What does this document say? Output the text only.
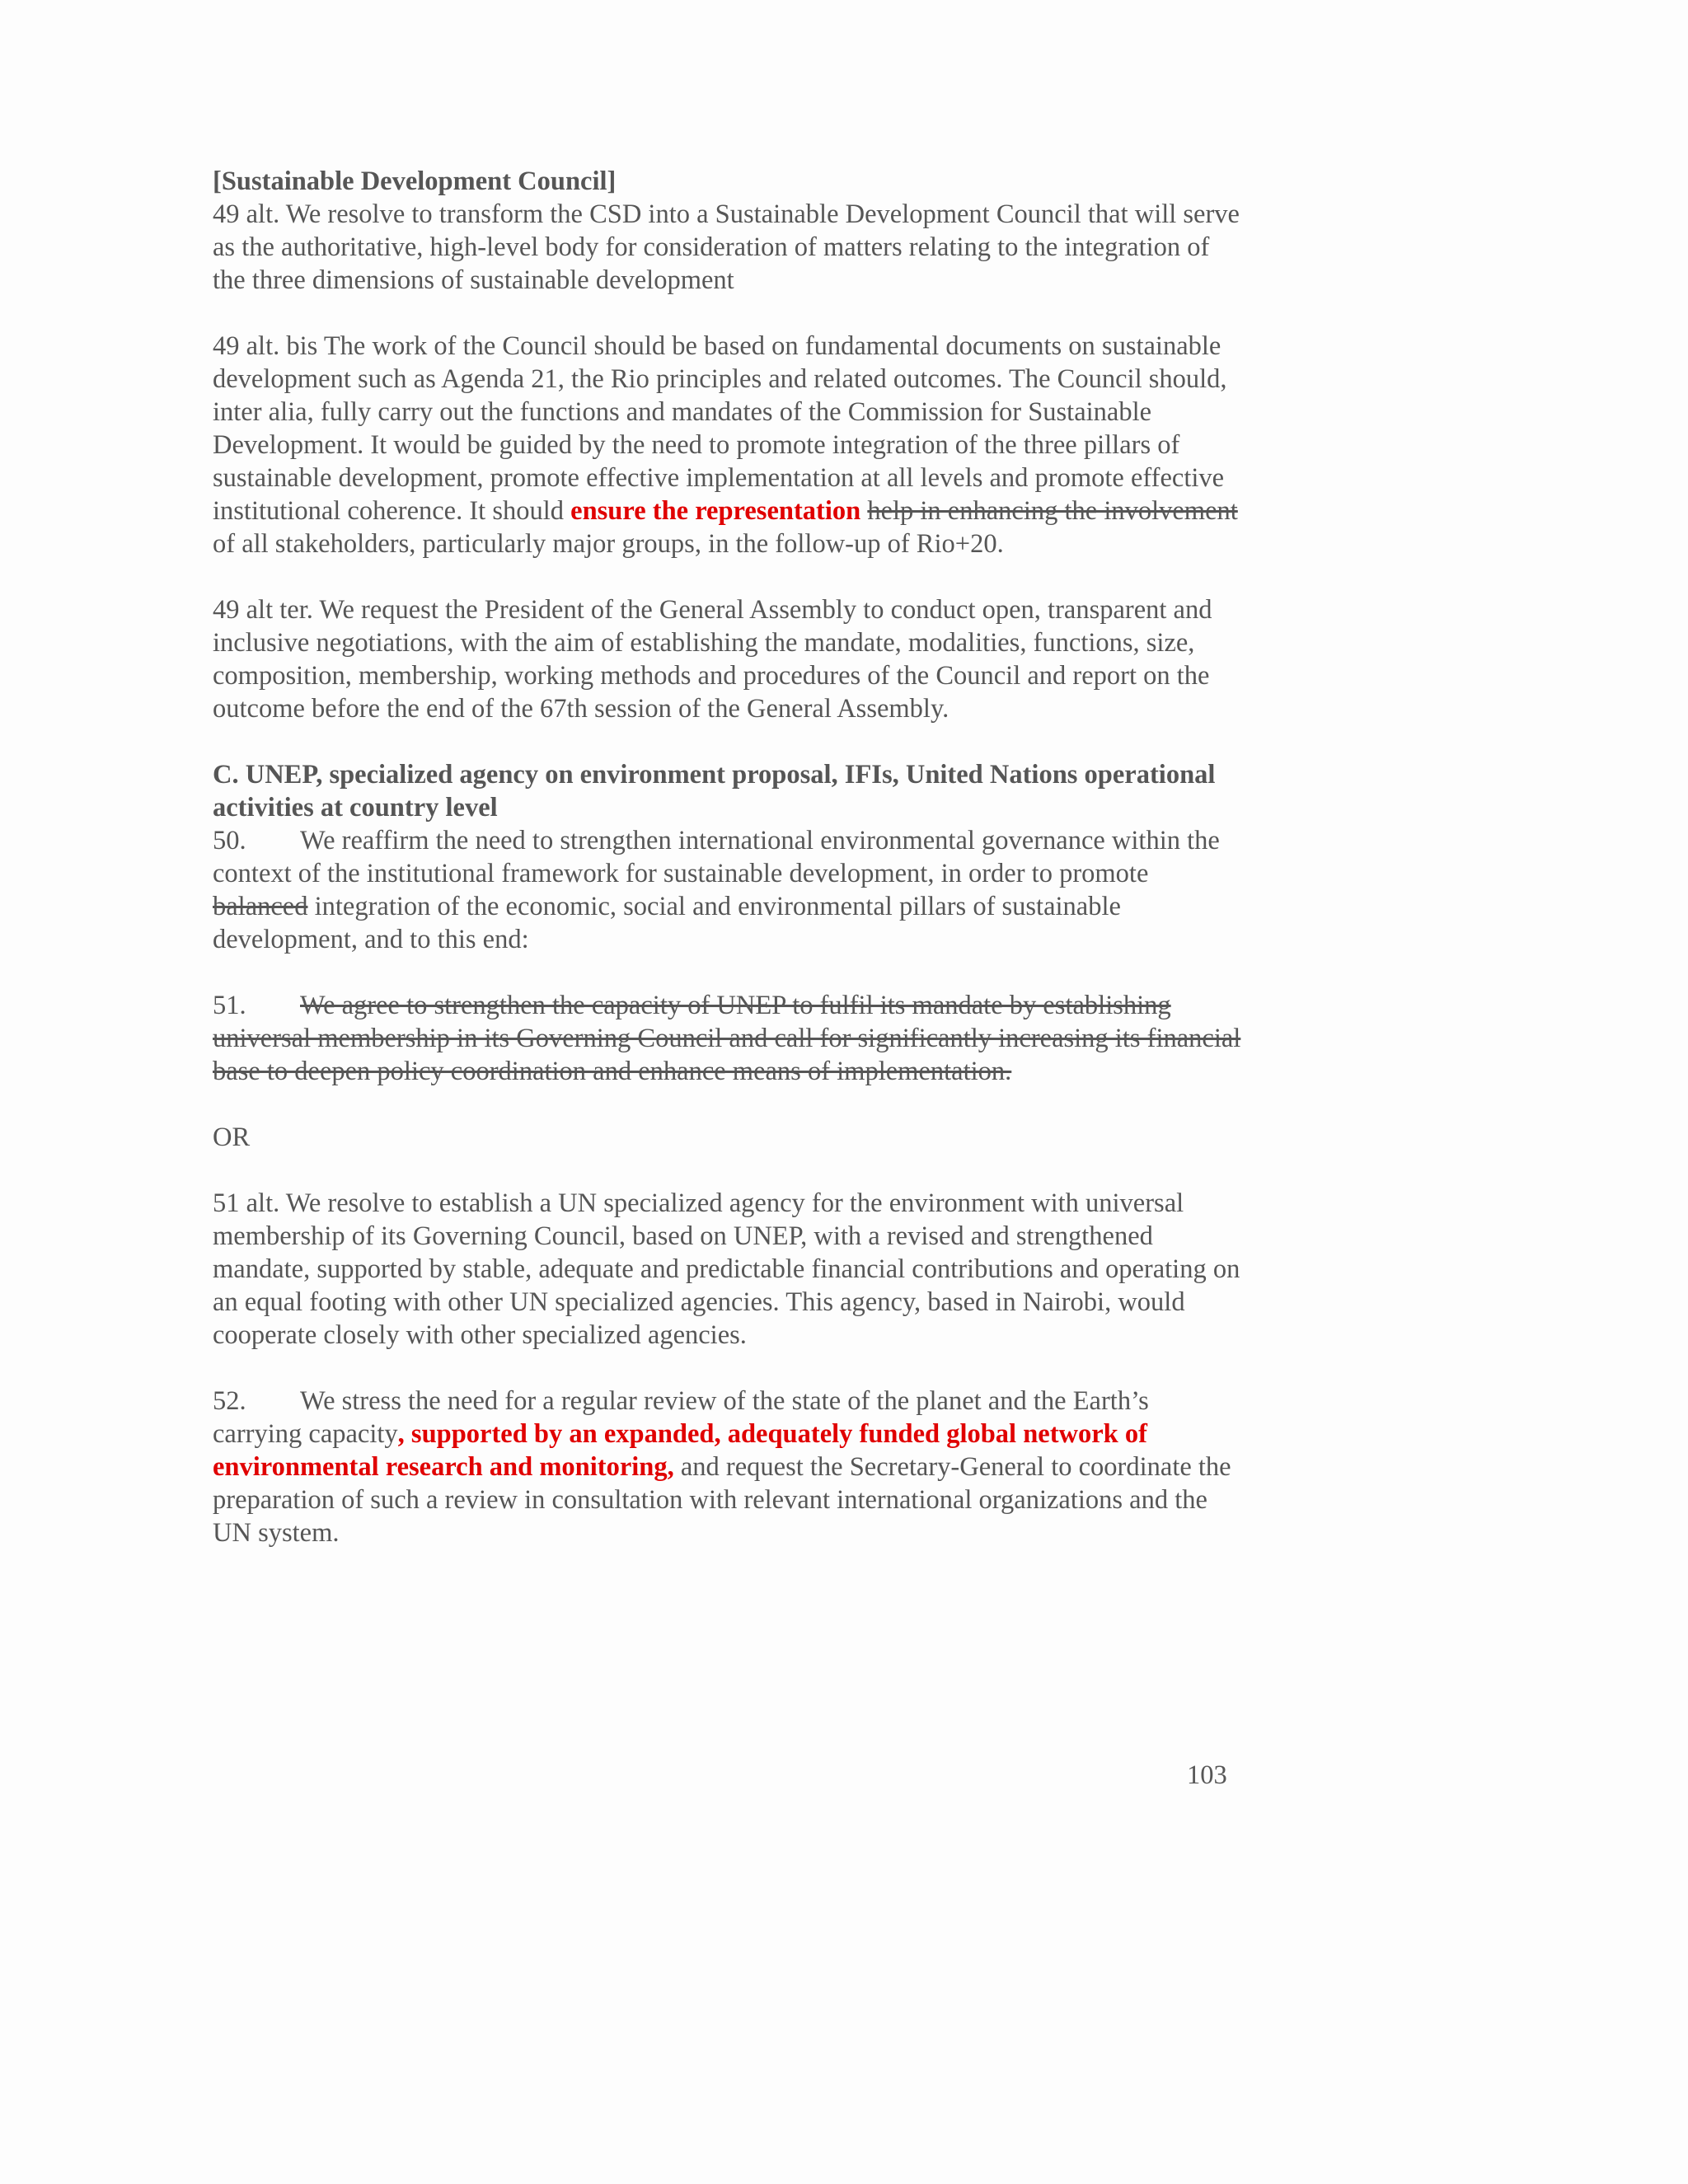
[Sustainable Development Council]

49 alt. We resolve to transform the CSD into a Sustainable Development Council that will serve as the authoritative, high-level body for consideration of matters relating to the integration of the three dimensions of sustainable development

49 alt. bis The work of the Council should be based on fundamental documents on sustainable development such as Agenda 21, the Rio principles and related outcomes. The Council should, inter alia, fully carry out the functions and mandates of the Commission for Sustainable Development. It would be guided by the need to promote integration of the three pillars of sustainable development, promote effective implementation at all levels and promote effective institutional coherence. It should ensure the representation help in enhancing the involvement of all stakeholders, particularly major groups, in the follow-up of Rio+20.

49 alt ter. We request the President of the General Assembly to conduct open, transparent and inclusive negotiations, with the aim of establishing the mandate, modalities, functions, size, composition, membership, working methods and procedures of the Council and report on the outcome before the end of the 67th session of the General Assembly.

C. UNEP, specialized agency on environment proposal, IFIs, United Nations operational activities at country level

50. We reaffirm the need to strengthen international environmental governance within the context of the institutional framework for sustainable development, in order to promote balanced integration of the economic, social and environmental pillars of sustainable development, and to this end:

51. We agree to strengthen the capacity of UNEP to fulfil its mandate by establishing universal membership in its Governing Council and call for significantly increasing its financial base to deepen policy coordination and enhance means of implementation.

OR

51 alt. We resolve to establish a UN specialized agency for the environment with universal membership of its Governing Council, based on UNEP, with a revised and strengthened mandate, supported by stable, adequate and predictable financial contributions and operating on an equal footing with other UN specialized agencies. This agency, based in Nairobi, would cooperate closely with other specialized agencies.

52. We stress the need for a regular review of the state of the planet and the Earth’s carrying capacity, supported by an expanded, adequately funded global network of environmental research and monitoring, and request the Secretary-General to coordinate the preparation of such a review in consultation with relevant international organizations and the UN system.

103
